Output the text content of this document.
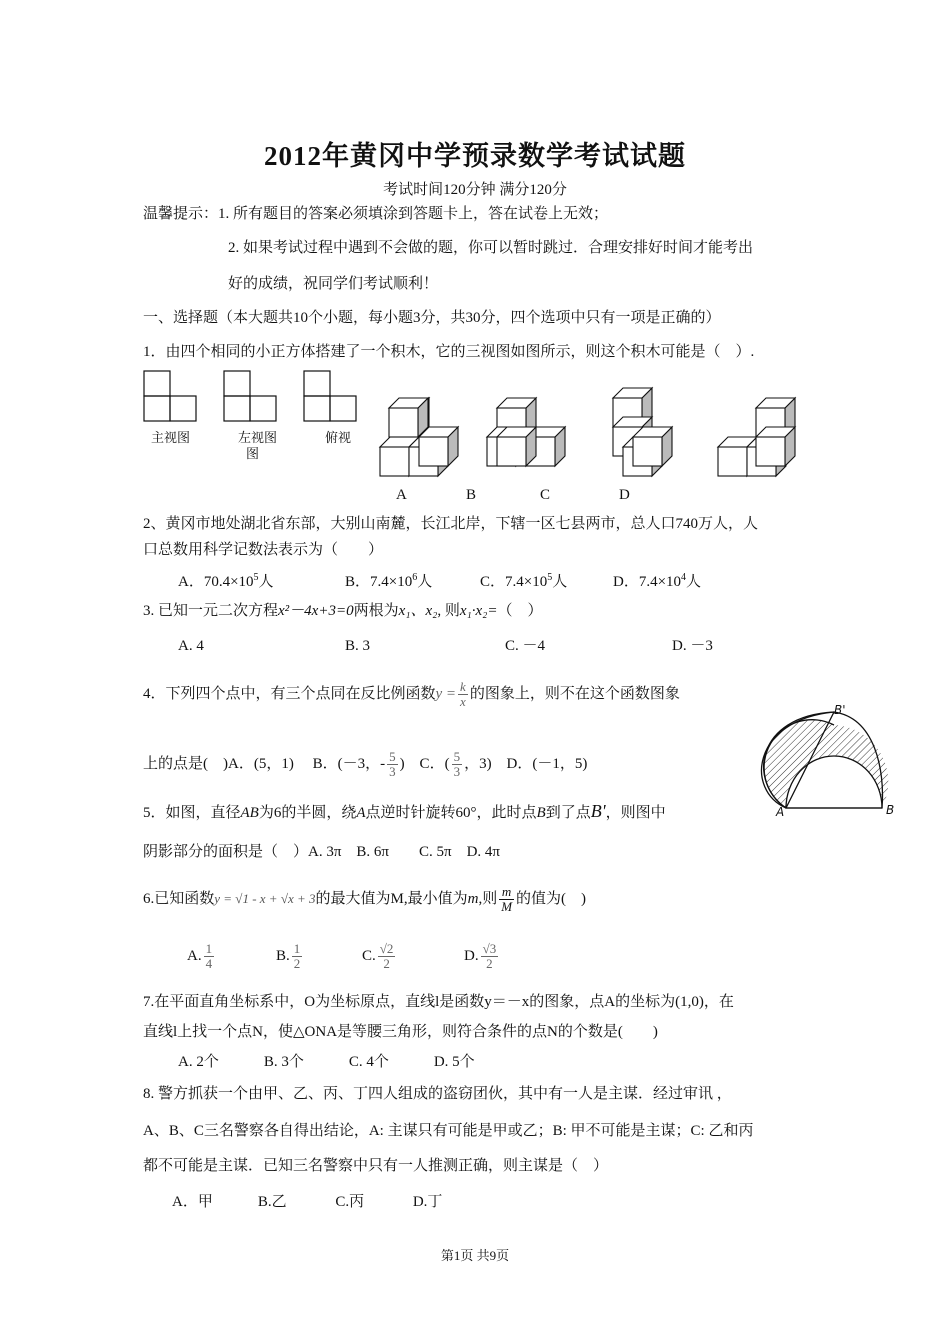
2012年黄冈中学预录数学考试试题
考试时间120分钟 满分120分
温馨提示：1. 所有题目的答案必须填涂到答题卡上，答在试卷上无效；
2. 如果考试过程中遇到不会做的题，你可以暂时跳过．合理安排好时间才能考出
好的成绩，祝同学们考试顺利！
一、选择题（本大题共10个小题，每小题3分，共30分，四个选项中只有一项是正确的）
1．由四个相同的小正方体搭建了一个积木，它的三视图如图所示，则这个积木可能是（　）.
主视图	左视图
图
俯视
A	B	C	D
2、黄冈市地处湖北省东部，大别山南麓，长江北岸，下辖一区七县两市，总人口740万人，人
口总数用科学记数法表示为（　　）
A．$70.4\times 10^5$人	B．$7.4\times 10^6$人	C．$7.4\times 10^5$人	D．$7.4\times 10^4$人
3. 已知一元二次方程x²－4x+3=0两根为x₁、x₂, 则x₁·x₂=（　）
A. 4	B. 3	C. －4	D. －3
4．下列四个点中，有三个点同在反比例函数$y = \frac{k}{x}$ 的图象上，则不在这个函数图象
上的点是(　)A．(5，1)　 B．(－3，- $\frac{5}{3}$ )　C．( $\frac{5}{3}$ ，3)　D．(－1，5)
A	B
B'
5．如图，直径AB为6的半圆，绕A点逆时针旋转60°，此时点B到了点B'，则图中
阴影部分的面积是（　）A. 3π　B. 6π　　C. 5π　D. 4π
6.已知函数y = √1 - x + √x + 3的最大值为M,最小值为m,则 $\frac{m}{M}$ 的值为(　)
A. $\frac{1}{4}$	B. $\frac{1}{2}$	C. $\frac{√2}{2}$	D. $\frac{√3}{2}$
7.在平面直角坐标系中，O为坐标原点，直线l是函数y＝－x的图象，点A的坐标为(1,0)，在
直线l上找一个点N，使△ONA是等腰三角形，则符合条件的点N的个数是(　　)
A. 2个　　　B. 3个　　　C. 4个　　　D. 5个
8. 警方抓获一个由甲、乙、丙、丁四人组成的盗窃团伙，其中有一人是主谋．经过审讯 ，
A、B、C三名警察各自得出结论，A: 主谋只有可能是甲或乙；B: 甲不可能是主谋；C: 乙和丙
都不可能是主谋．已知三名警察中只有一人推测正确，则主谋是（　）
A．甲　　　B.乙　　　 C.丙　　　 D.丁
第1页 共9页
